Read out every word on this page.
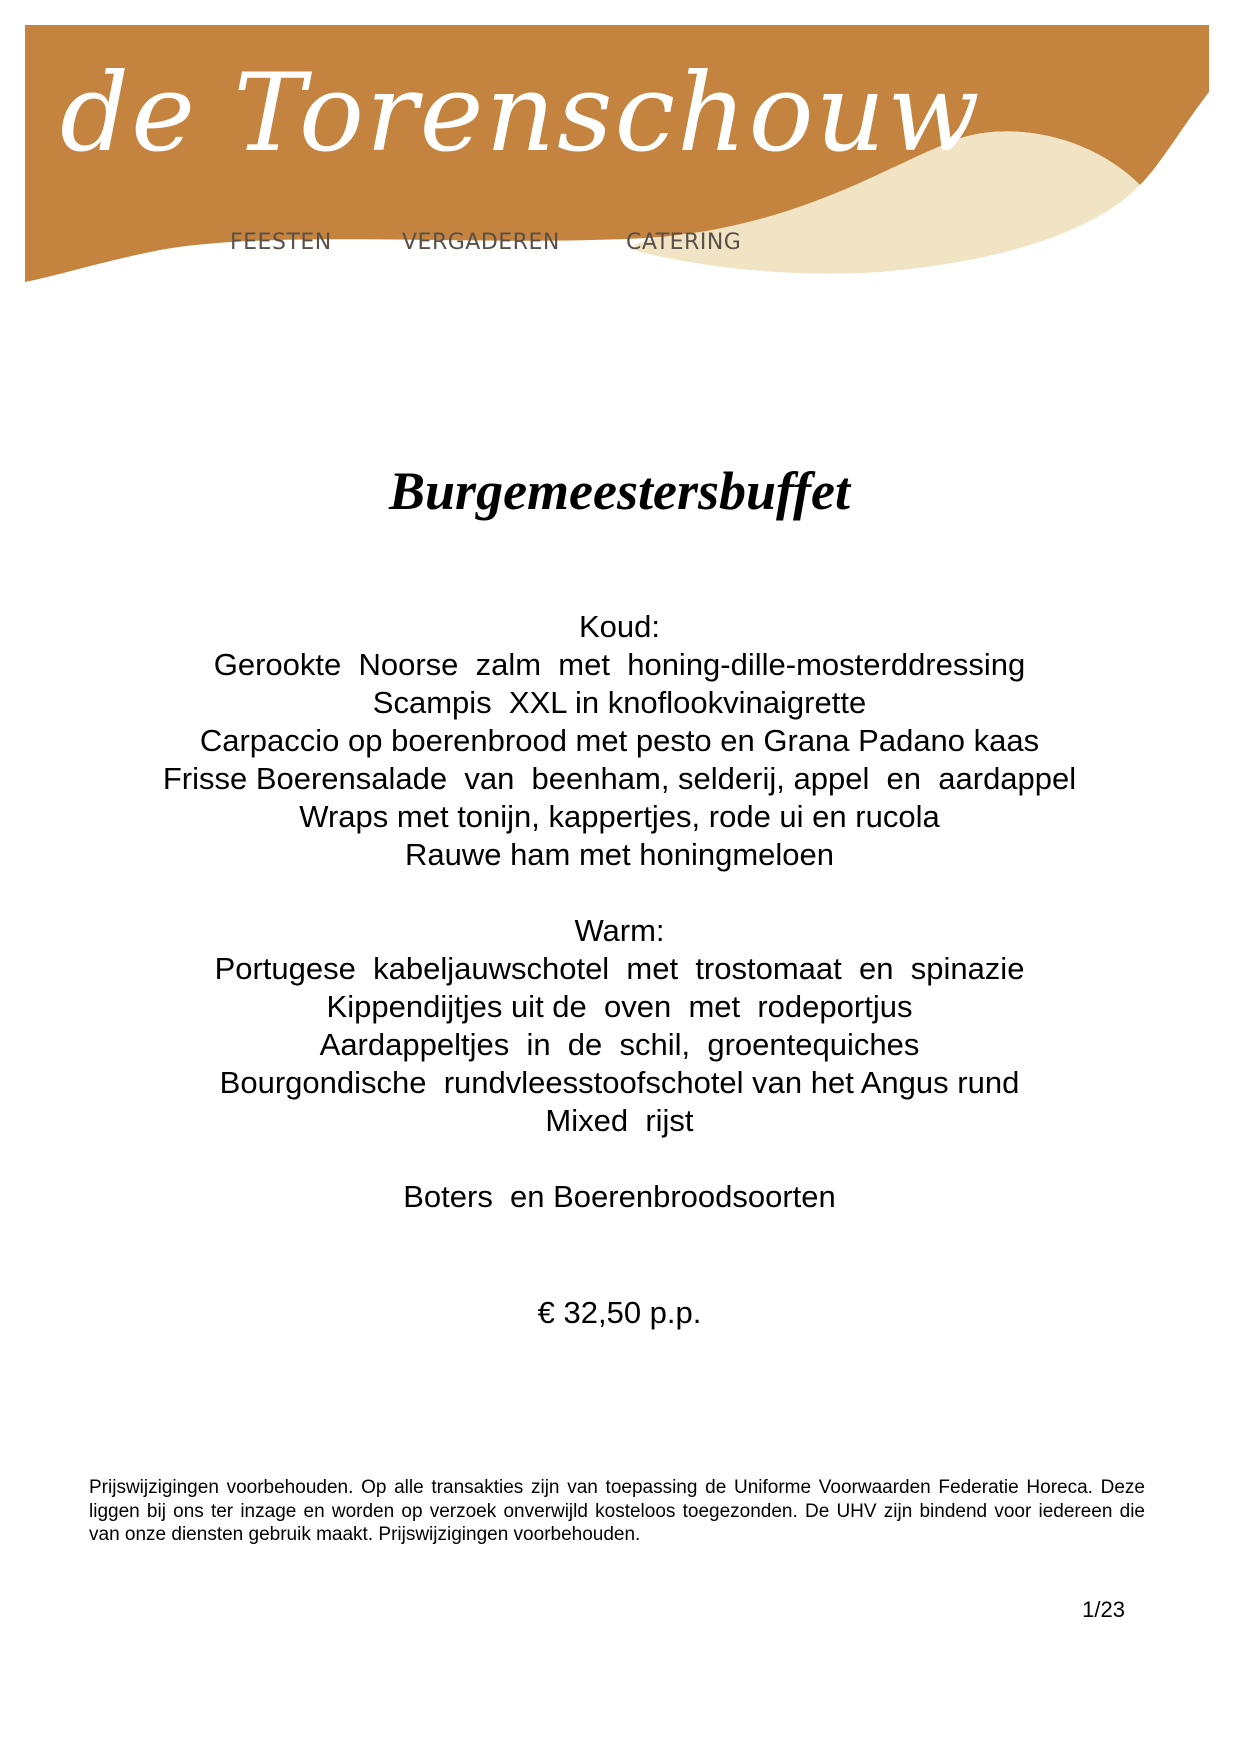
de Torenschouw
FEESTEN	VERGADEREN	CATERING
Burgemeestersbuffet
Koud:
Gerookte  Noorse  zalm  met  honing-dille-mosterddressing
Scampis  XXL in knoflookvinaigrette
Carpaccio op boerenbrood met pesto en Grana Padano kaas
Frisse Boerensalade  van  beenham, selderij, appel  en  aardappel
Wraps met tonijn, kappertjes, rode ui en rucola
Rauwe ham met honingmeloen
Warm:
Portugese  kabeljauwschotel  met  trostomaat  en  spinazie
Kippendijtjes uit de  oven  met  rodeportjus
Aardappeltjes  in  de  schil,  groentequiches
Bourgondische  rundvleesstoofschotel van het Angus rund
Mixed  rijst
Boters  en Boerenbroodsoorten
€ 32,50 p.p.
Prijswijzigingen voorbehouden. Op alle transakties zijn van toepassing de Uniforme Voorwaarden Federatie Horeca. Deze liggen bij ons ter inzage en worden op verzoek onverwijld kosteloos toegezonden. De UHV zijn bindend voor iedereen die van onze diensten gebruik maakt. Prijswijzigingen voorbehouden.
1/23
